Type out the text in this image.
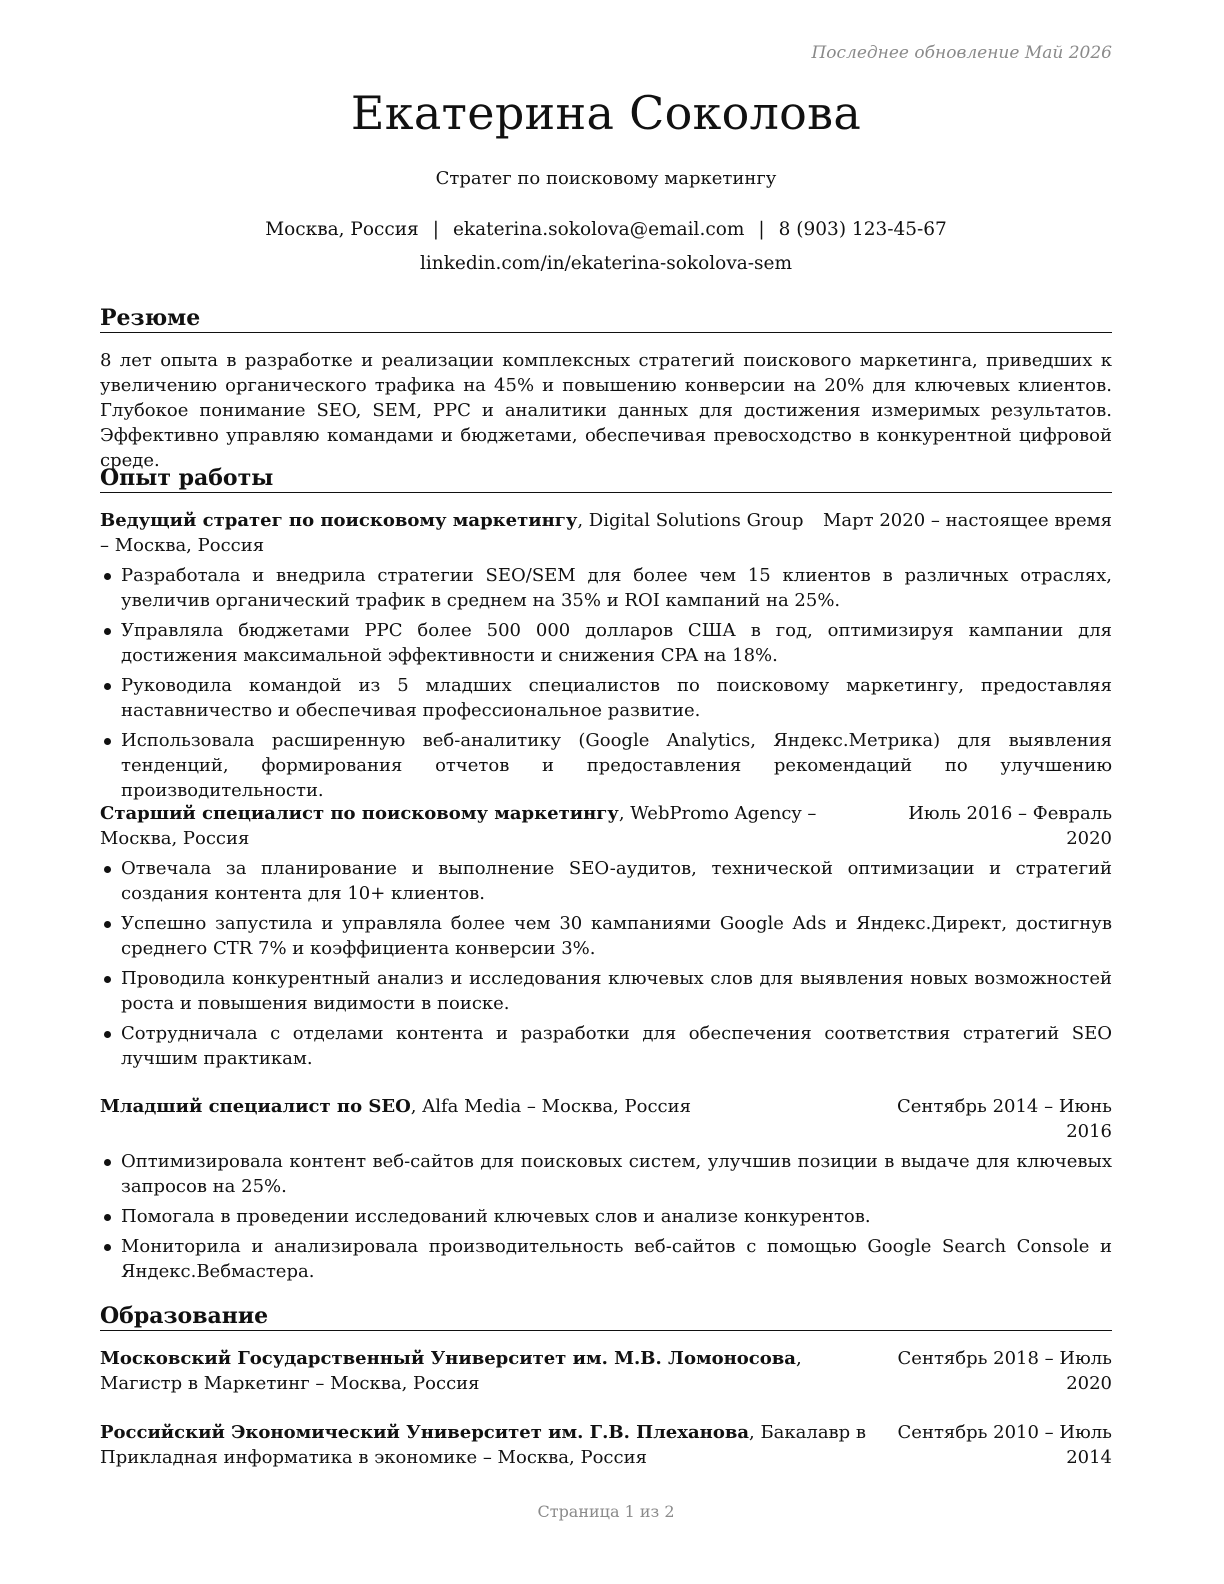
Последнее обновление Май 2026
Екатерина Соколова
Стратег по поисковому маркетингу
Москва, Россия | ekaterina.sokolova@email.com | 8 (903) 123-45-67
linkedin.com/in/ekaterina-sokolova-sem
Резюме
8 лет опыта в разработке и реализации комплексных стратегий поискового маркетинга, приведших к увеличению органического трафика на 45% и повышению конверсии на 20% для ключевых клиентов. Глубокое понимание SEO, SEM, PPC и аналитики данных для достижения измеримых результатов. Эффективно управляю командами и бюджетами, обеспечивая превосходство в конкурентной цифровой среде.
Опыт работы
Ведущий стратег по поисковому маркетингу, Digital Solutions Group – Москва, Россия
Март 2020 – настоящее время
Разработала и внедрила стратегии SEO/SEM для более чем 15 клиентов в различных отраслях, увеличив органический трафик в среднем на 35% и ROI кампаний на 25%.
Управляла бюджетами PPC более 500 000 долларов США в год, оптимизируя кампании для достижения максимальной эффективности и снижения CPA на 18%.
Руководила командой из 5 младших специалистов по поисковому маркетингу, предоставляя наставничество и обеспечивая профессиональное развитие.
Использовала расширенную веб-аналитику (Google Analytics, Яндекс.Метрика) для выявления тенденций, формирования отчетов и предоставления рекомендаций по улучшению производительности.
Старший специалист по поисковому маркетингу, WebPromo Agency – Москва, Россия
Июль 2016 – Февраль 2020
Отвечала за планирование и выполнение SEO-аудитов, технической оптимизации и стратегий создания контента для 10+ клиентов.
Успешно запустила и управляла более чем 30 кампаниями Google Ads и Яндекс.Директ, достигнув среднего CTR 7% и коэффициента конверсии 3%.
Проводила конкурентный анализ и исследования ключевых слов для выявления новых возможностей роста и повышения видимости в поиске.
Сотрудничала с отделами контента и разработки для обеспечения соответствия стратегий SEO лучшим практикам.
Младший специалист по SEO, Alfa Media – Москва, Россия	Сентябрь 2014 – Июнь 2016
Оптимизировала контент веб-сайтов для поисковых систем, улучшив позиции в выдаче для ключевых запросов на 25%.
Помогала в проведении исследований ключевых слов и анализе конкурентов.
Мониторила и анализировала производительность веб-сайтов с помощью Google Search Console и Яндекс.Вебмастера.
Образование
Московский Государственный Университет им. М.В. Ломоносова, Магистр в Маркетинг – Москва, Россия
Сентябрь 2018 – Июль 2020
Российский Экономический Университет им. Г.В. Плеханова, Бакалавр в Прикладная информатика в экономике – Москва, Россия
Сентябрь 2010 – Июль 2014
Страница 1 из 2
